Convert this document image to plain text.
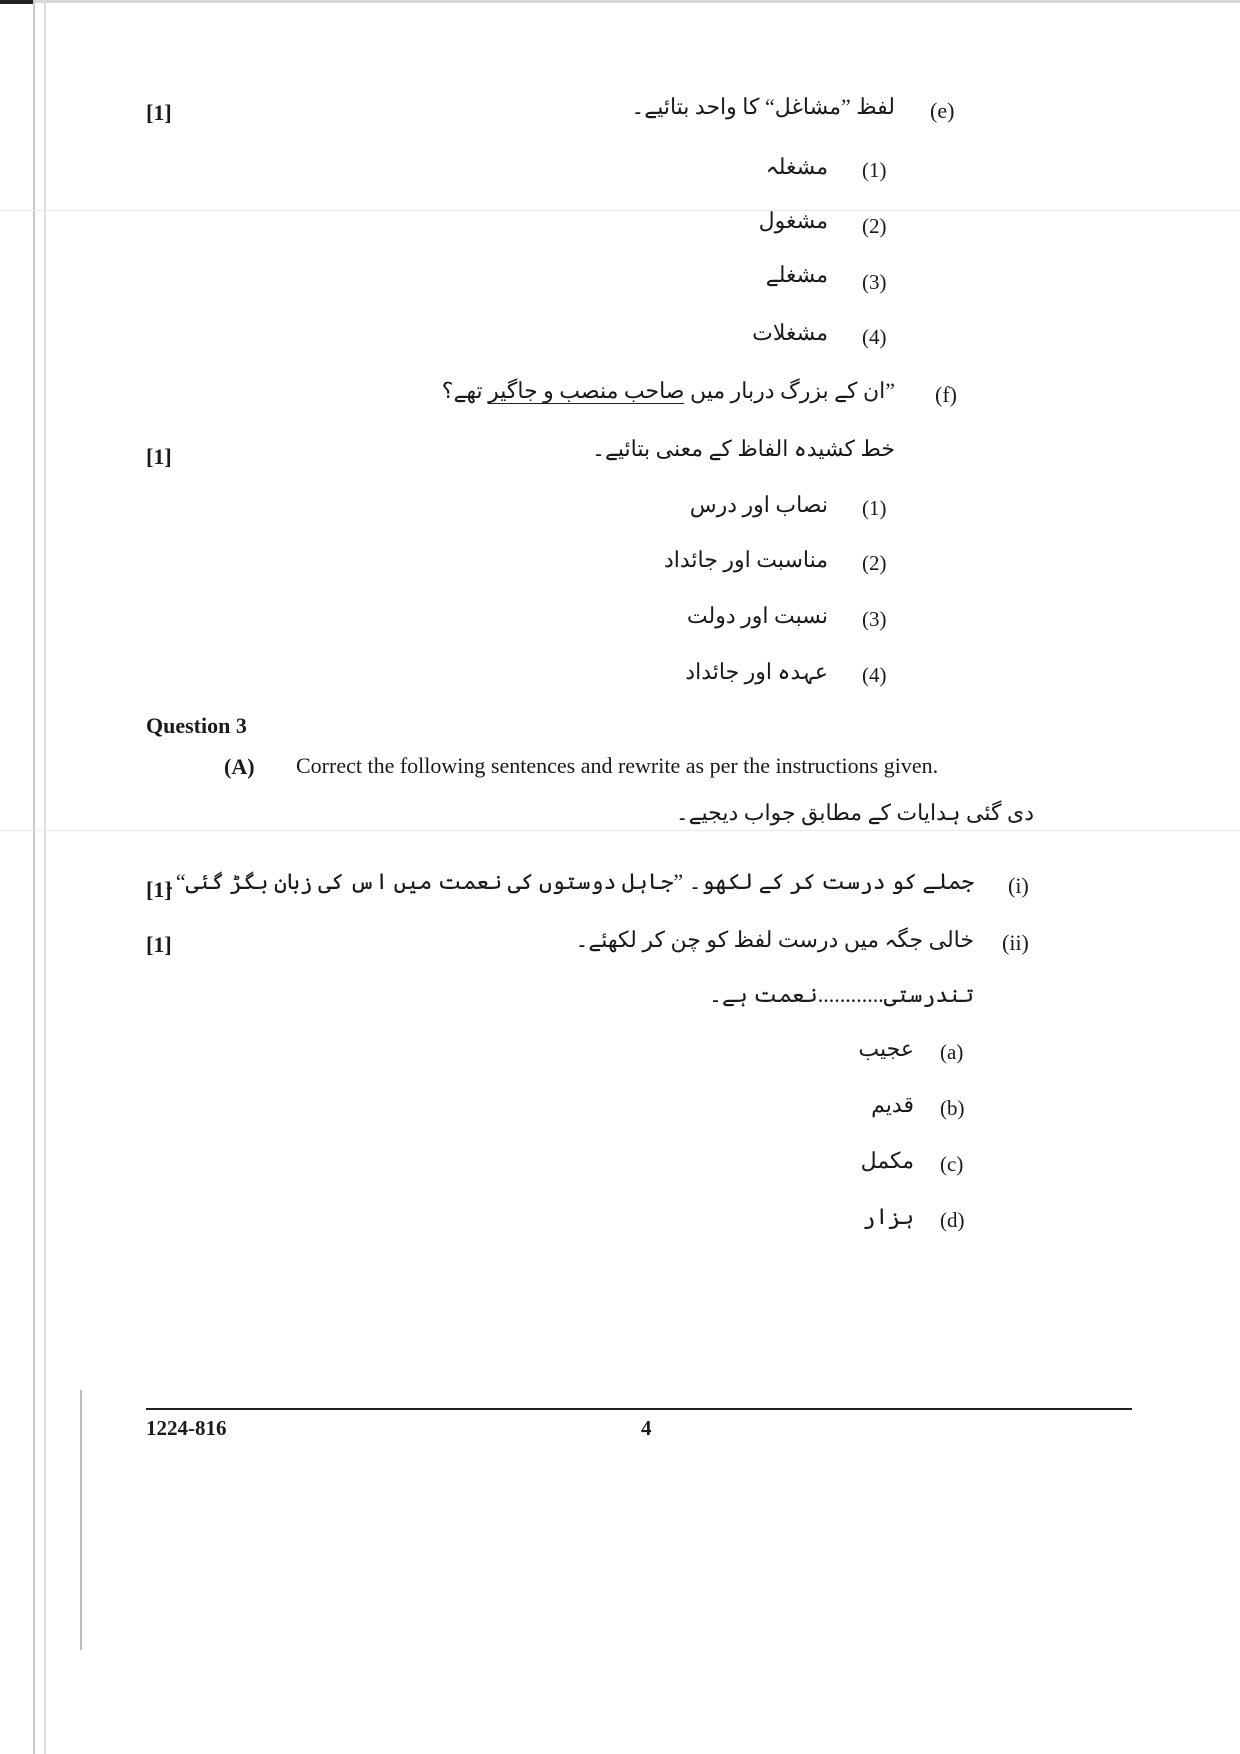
[1]	(e)
لفظ ”مشاغل“ کا واحد بتائیے۔
(1)
مشغلہ
(2)
مشغول
(3)
مشغلے
(4)
مشغلات
(f)
”ان کے بزرگ دربار میں صاحب منصب و جاگیر تھے؟
[1]	خط کشیدہ الفاظ کے معنی بتائیے۔
(1)
نصاب اور درس
(2)
مناسبت اور جائداد
(3)
نسبت اور دولت
(4)
عہدہ اور جائداد
Question 3
(A) Correct the following sentences and rewrite as per the instructions given.
دی گئی ہدایات کے مطابق جواب دیجیے۔
[1]	(i)
جملے کو درست کر کے لکھو۔ ”جاہل دوستوں کی نعمت میں اس کی زبان بگڑ گئی“۔
[1]	(ii)
خالی جگہ میں درست لفظ کو چن کر لکھئے۔
تندرستی............نعمت ہے۔
(a)
عجیب
(b)
قدیم
(c)
مکمل
(d)
ہزار
1224-816	4
